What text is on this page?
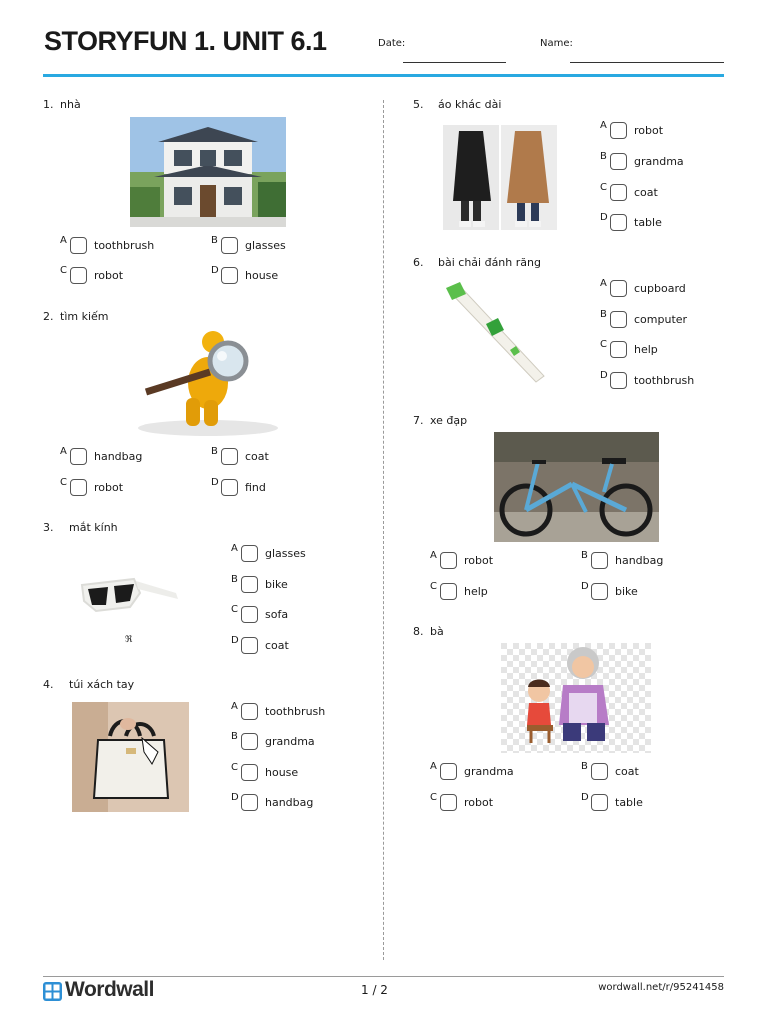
STORYFUN 1. UNIT 6.1	Date:	Name:
1. nhà
A toothbrush	B glasses
C robot	D house
2. tìm kiếm
A handbag	B coat
C robot	D find
3. mắt kính
ℜ
A glasses
B bike
C sofa
D coat
4. túi xách tay
A toothbrush
B grandma
C house
D handbag
5. áo khác dài
A robot
B grandma
C coat
D table
6. bài chải đánh răng
A cupboard
B computer
C help
D toothbrush
7. xe đạp
A robot	B handbag
C help	D bike
8. bà
A grandma	B coat
C robot	D table
Wordwall	1 / 2	wordwall.net/r/95241458
